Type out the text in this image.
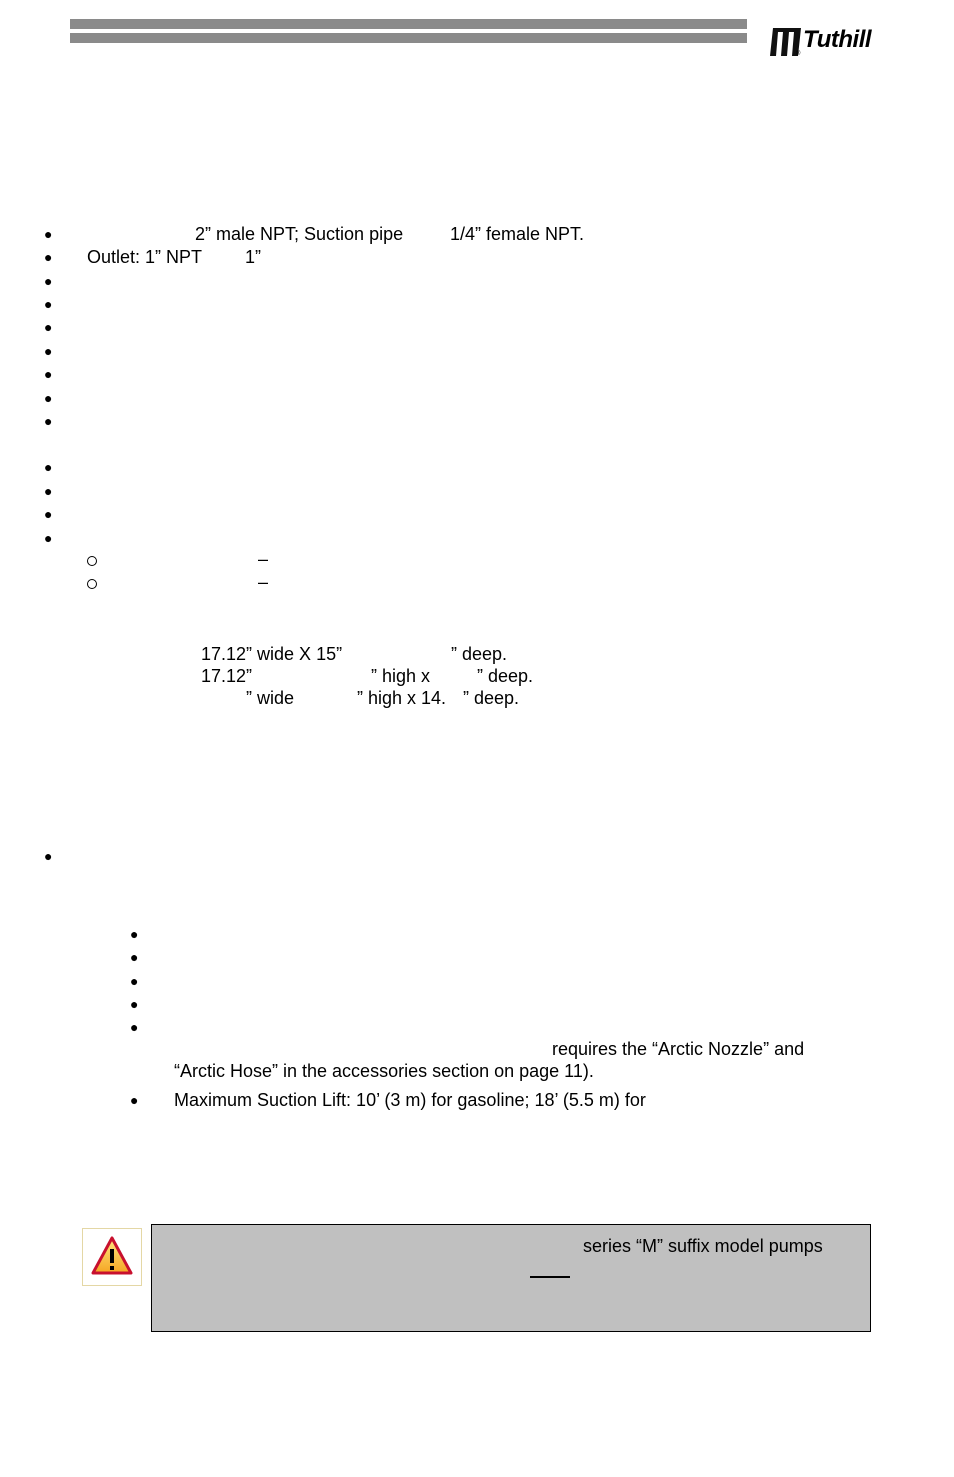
Tuthill
®
●	2” male NPT; Suction pipe	1/4” female NPT.
● Outlet: 1” NPT 1”
●
●
●
●
●
●
●
●
●
●
●
–
–
17.12” wide X 15”	” deep.
17.12”	” high x	” deep.
” wide	” high x 14. ” deep.
●
●
●
●
●
●
requires the “Arctic Nozzle” and
“Arctic Hose” in the accessories section on page 11).
● Maximum Suction Lift: 10’ (3 m) for gasoline; 18’ (5.5 m) for
series “M” suffix model pumps
